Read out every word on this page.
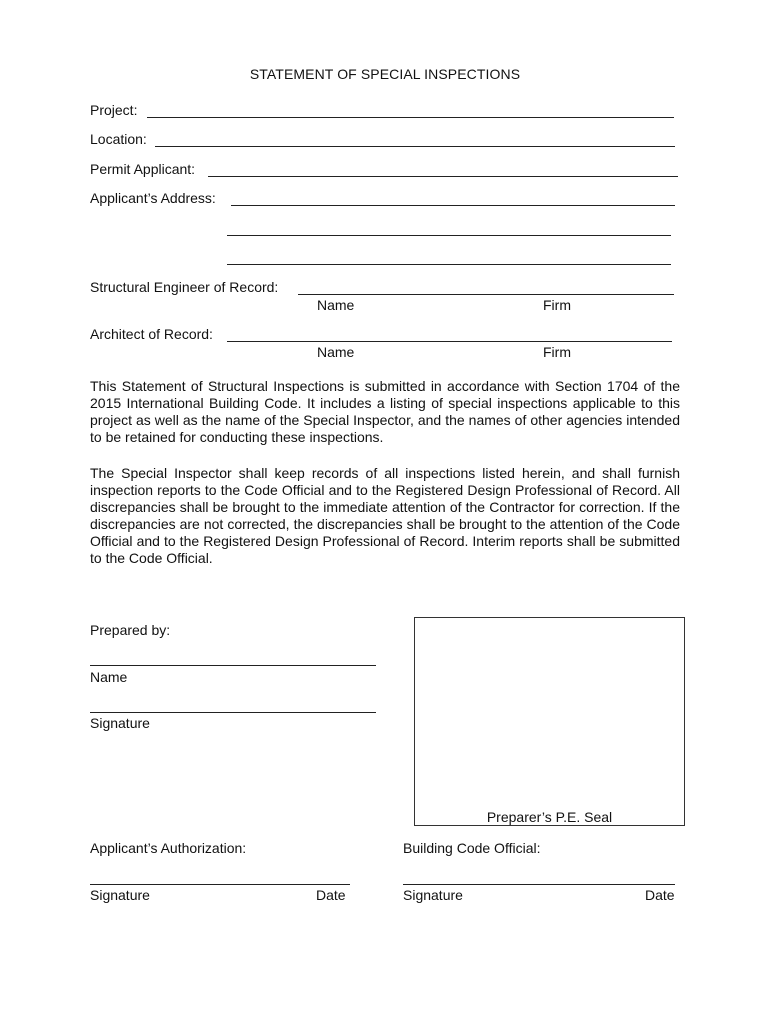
STATEMENT OF SPECIAL INSPECTIONS
Project:
Location:
Permit Applicant:
Applicant’s Address:
Structural Engineer of Record:
Name	Firm
Architect of Record:
Name	Firm
This Statement of Structural Inspections is submitted in accordance with Section 1704 of the 2015 International Building Code. It includes a listing of special inspections applicable to this project as well as the name of the Special Inspector, and the names of other agencies intended to be retained for conducting these inspections.
The Special Inspector shall keep records of all inspections listed herein, and shall furnish inspection reports to the Code Official and to the Registered Design Professional of Record. All discrepancies shall be brought to the immediate attention of the Contractor for correction. If the discrepancies are not corrected, the discrepancies shall be brought to the attention of the Code Official and to the Registered Design Professional of Record. Interim reports shall be submitted to the Code Official.
Prepared by:
Name
Signature
Preparer’s P.E. Seal
Applicant’s Authorization:
Signature	Date
Building Code Official:
Signature	Date
